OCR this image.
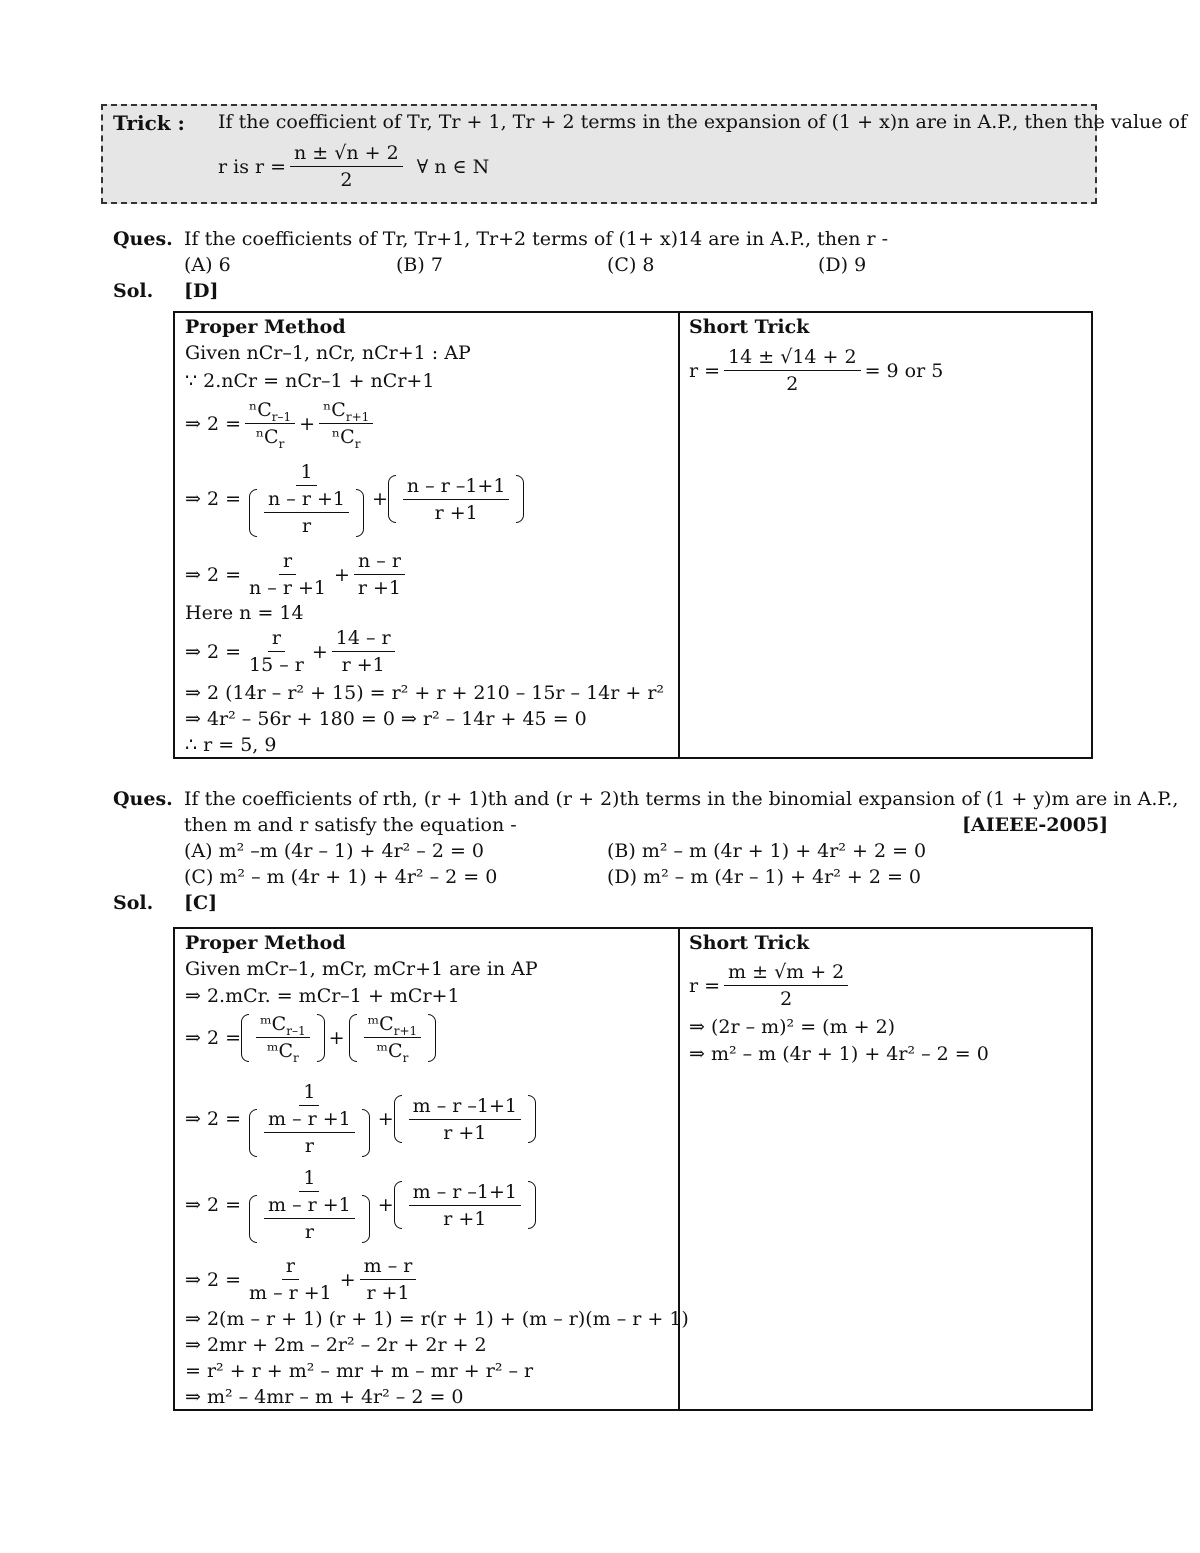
Trick : If the coefficient of Tr, Tr + 1, Tr + 2 terms in the expansion of (1 + x)n are in A.P., then the value of
r is $r = \frac{n \pm √n + 2}{2}$ ∀ n ∈ N
Ques. If the coefficients of Tr, Tr+1, Tr+2 terms of (1+ x)14 are in A.P., then r -
(A) 6	(B) 7	(C) 8	(D) 9
Sol. [D]
Proper Method
Given nCr–1, nCr, nCr+1 : AP
∵ 2.nCr = nCr–1 + nCr+1
⇒ $2 = \frac{^nC_{r-1}}{^nC_r} + \frac{^nC_{r+1}}{^nC_r}$
⇒ $2 = \frac{1}{\frac{n - r +1}{r}} + \frac{n - r -1+1}{r +1}$
⇒ $2 = \frac{r}{n - r +1} + \frac{n - r}{r +1}$
Here n = 14
⇒ $2 = \frac{r}{15 - r} + \frac{14 - r}{r +1}$
⇒ 2 (14r – r² + 15) = r² + r + 210 – 15r – 14r + r²
⇒ 4r² – 56r + 180 = 0 ⇒ r² – 14r + 45 = 0
∴ r = 5, 9
Short Trick
$r = \frac{14 \pm √14 + 2}{2} = 9$ or 5
Ques. If the coefficients of rth, (r + 1)th and (r + 2)th terms in the binomial expansion of (1 + y)m are in A.P.,
then m and r satisfy the equation -	[AIEEE-2005]
(A) m² –m (4r – 1) + 4r² – 2 = 0	(B) m² – m (4r + 1) + 4r² + 2 = 0
(C) m² – m (4r + 1) + 4r² – 2 = 0	(D) m² – m (4r – 1) + 4r² + 2 = 0
Sol. [C]
Proper Method
Given mCr–1, mCr, mCr+1 are in AP
⇒ 2.mCr. = mCr–1 + mCr+1
⇒ $2 = \frac{ᵐC_{r-1}}{ᵐC_r} + \frac{ᵐC_{r+1}}{ᵐC_r}$
⇒ $2 = \frac{1}{\frac{m - r +1}{r}} + \frac{m - r -1+1}{r +1}$
⇒ $2 = \frac{1}{\frac{m - r +1}{r}} + \frac{m - r -1+1}{r +1}$
⇒ $2 = \frac{r}{m - r +1} + \frac{m - r}{r +1}$
⇒ 2(m – r + 1) (r + 1) = r(r + 1) + (m – r)(m – r + 1)
⇒ 2mr + 2m – 2r² – 2r + 2r + 2
= r² + r + m² – mr + m – mr + r² – r
⇒ m² – 4mr – m + 4r² – 2 = 0
Short Trick
$r = \frac{m \pm √m + 2}{2}$
⇒ (2r – m)² = (m + 2)
⇒ m² – m (4r + 1) + 4r² – 2 = 0
